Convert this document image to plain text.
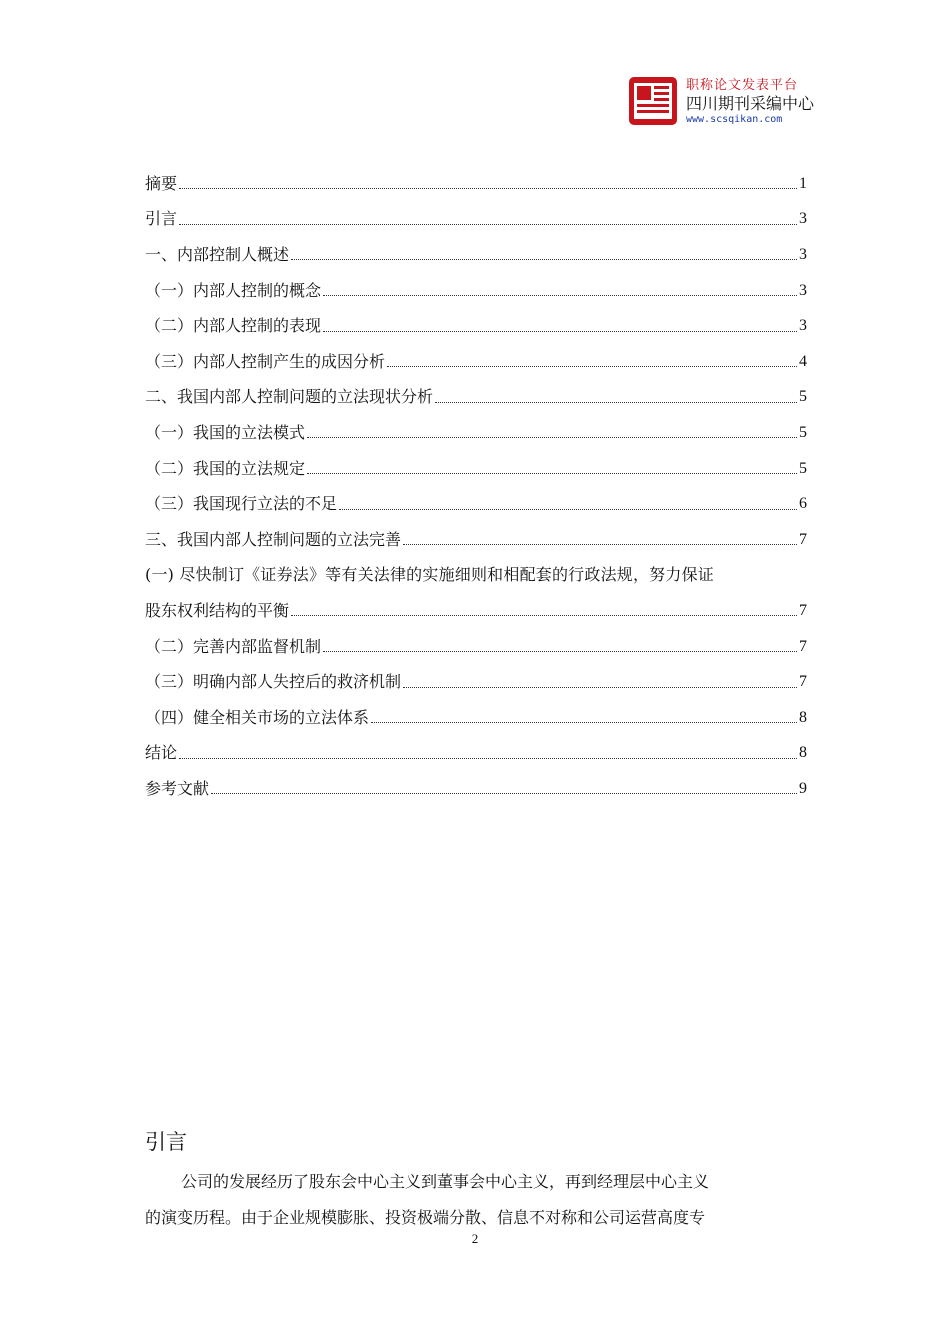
职称论文发表平台
四川期刊采编中心
www.scsqikan.com
摘要	1
引言	3
一、内部控制人概述	3
（一）内部人控制的概念	3
（二）内部人控制的表现	3
（三）内部人控制产生的成因分析	4
二、我国内部人控制问题的立法现状分析	5
（一）我国的立法模式	5
（二）我国的立法规定	5
（三）我国现行立法的不足	6
三、我国内部人控制问题的立法完善	7
(一) 尽快制订《证券法》等有关法律的实施细则和相配套的行政法规，努力保证
股东权利结构的平衡	7
（二）完善内部监督机制	7
（三）明确内部人失控后的救济机制	7
（四）健全相关市场的立法体系	8
结论	8
参考文献	9
引言
公司的发展经历了股东会中心主义到董事会中心主义，再到经理层中心主义
的演变历程。由于企业规模膨胀、投资极端分散、信息不对称和公司运营高度专
2
